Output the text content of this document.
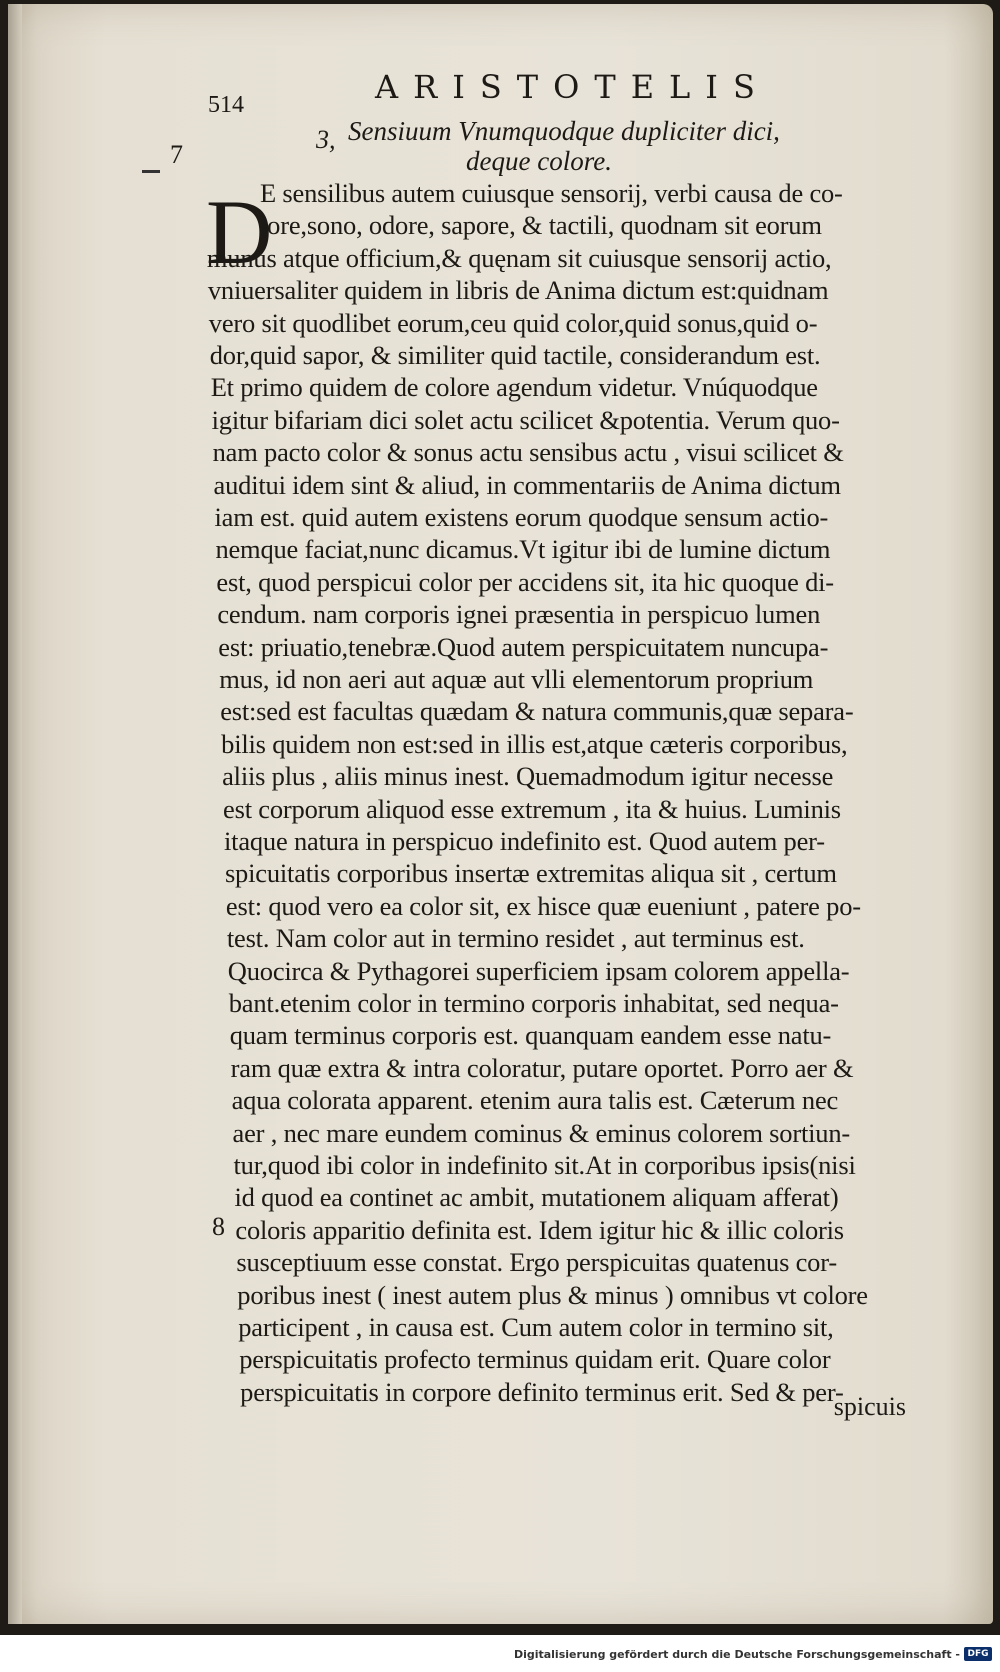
514	ARISTOTELIS
7
3, Sensiuum Vnumquodque dupliciter dici,
deque colore.
D
E sensilibus autem cuiusque sensorij, verbi causa de co-
lore,sono, odore, sapore, & tactili, quodnam sit eorum
munus atque officium,& quęnam sit cuiusque sensorij actio,
vniuersaliter quidem in libris de Anima dictum est:quidnam
vero sit quodlibet eorum,ceu quid color,quid sonus,quid o-
dor,quid sapor, & similiter quid tactile, considerandum est.
Et primo quidem de colore agendum videtur. Vnúquodque
igitur bifariam dici solet actu scilicet &potentia. Verum quo-
nam pacto color & sonus actu sensibus actu , visui scilicet &
auditui idem sint & aliud, in commentariis de Anima dictum
iam est. quid autem existens eorum quodque sensum actio-
nemque faciat,nunc dicamus.Vt igitur ibi de lumine dictum
est, quod perspicui color per accidens sit, ita hic quoque di-
cendum. nam corporis ignei præsentia in perspicuo lumen
est: priuatio,tenebræ.Quod autem perspicuitatem nuncupa-
mus, id non aeri aut aquæ aut vlli elementorum proprium
est:sed est facultas quædam & natura communis,quæ separa-
bilis quidem non est:sed in illis est,atque cæteris corporibus,
aliis plus , aliis minus inest. Quemadmodum igitur necesse
est corporum aliquod esse extremum , ita & huius. Luminis
itaque natura in perspicuo indefinito est. Quod autem per-
spicuitatis corporibus insertæ extremitas aliqua sit , certum
est: quod vero ea color sit, ex hisce quæ eueniunt , patere po-
test. Nam color aut in termino residet , aut terminus est.
Quocirca & Pythagorei superficiem ipsam colorem appella-
bant.etenim color in termino corporis inhabitat, sed nequa-
quam terminus corporis est. quanquam eandem esse natu-
ram quæ extra & intra coloratur, putare oportet. Porro aer &
aqua colorata apparent. etenim aura talis est. Cæterum nec
aer , nec mare eundem cominus & eminus colorem sortiun-
tur,quod ibi color in indefinito sit.At in corporibus ipsis(nisi
id quod ea continet ac ambit, mutationem aliquam afferat)
coloris apparitio definita est. Idem igitur hic & illic coloris
susceptiuum esse constat. Ergo perspicuitas quatenus cor-
poribus inest ( inest autem plus & minus ) omnibus vt colore
participent , in causa est. Cum autem color in termino sit,
perspicuitatis profecto terminus quidam erit. Quare color
perspicuitatis in corpore definito terminus erit. Sed & per-
8
spicuis
Digitalisierung gefördert durch die Deutsche Forschungsgemeinschaft - DFG
